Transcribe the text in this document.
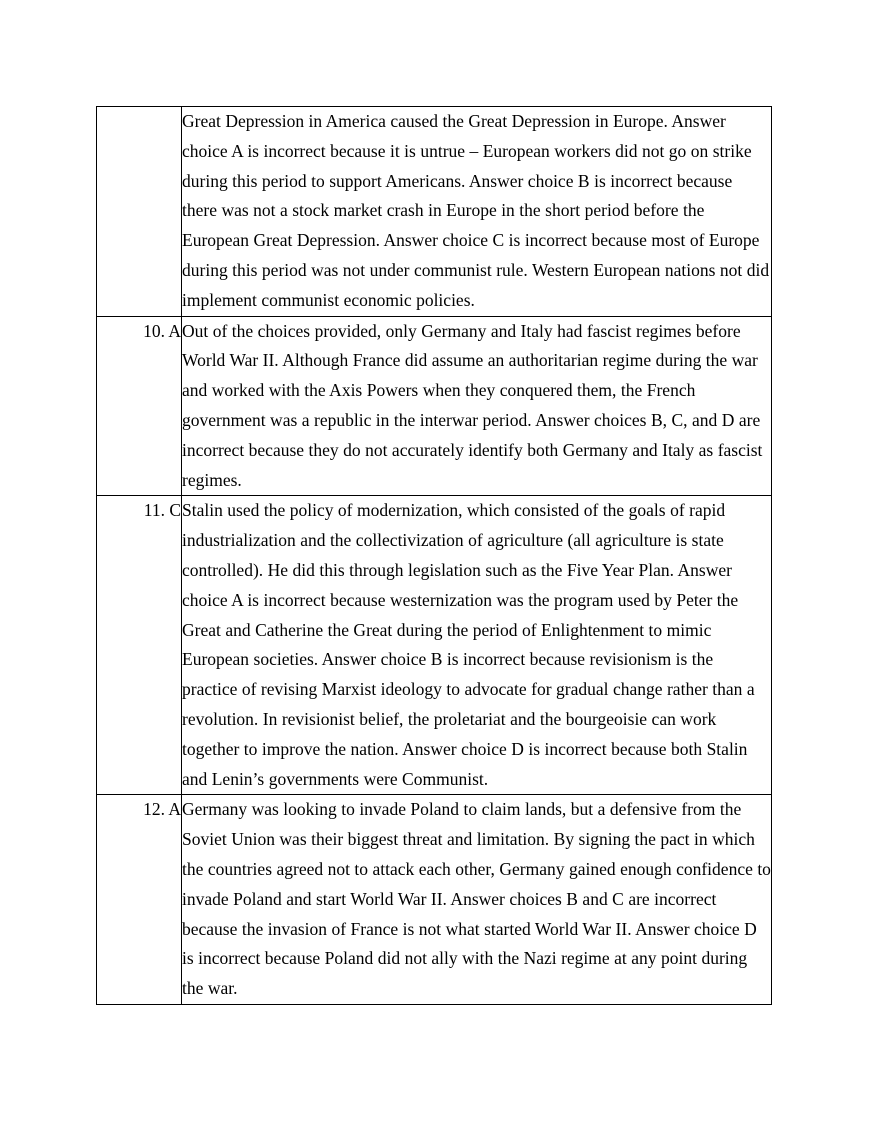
	Great Depression in America caused the Great Depression in Europe. Answer choice A is incorrect because it is untrue – European workers did not go on strike during this period to support Americans. Answer choice B is incorrect because there was not a stock market crash in Europe in the short period before the European Great Depression. Answer choice C is incorrect because most of Europe during this period was not under communist rule. Western European nations not did implement communist economic policies.

10. A	Out of the choices provided, only Germany and Italy had fascist regimes before World War II. Although France did assume an authoritarian regime during the war and worked with the Axis Powers when they conquered them, the French government was a republic in the interwar period. Answer choices B, C, and D are incorrect because they do not accurately identify both Germany and Italy as fascist regimes.

11. C	Stalin used the policy of modernization, which consisted of the goals of rapid industrialization and the collectivization of agriculture (all agriculture is state controlled). He did this through legislation such as the Five Year Plan. Answer choice A is incorrect because westernization was the program used by Peter the Great and Catherine the Great during the period of Enlightenment to mimic European societies. Answer choice B is incorrect because revisionism is the practice of revising Marxist ideology to advocate for gradual change rather than a revolution. In revisionist belief, the proletariat and the bourgeoisie can work together to improve the nation. Answer choice D is incorrect because both Stalin and Lenin’s governments were Communist.

12. A	Germany was looking to invade Poland to claim lands, but a defensive from the Soviet Union was their biggest threat and limitation. By signing the pact in which the countries agreed not to attack each other, Germany gained enough confidence to invade Poland and start World War II. Answer choices B and C are incorrect because the invasion of France is not what started World War II. Answer choice D is incorrect because Poland did not ally with the Nazi regime at any point during the war.
